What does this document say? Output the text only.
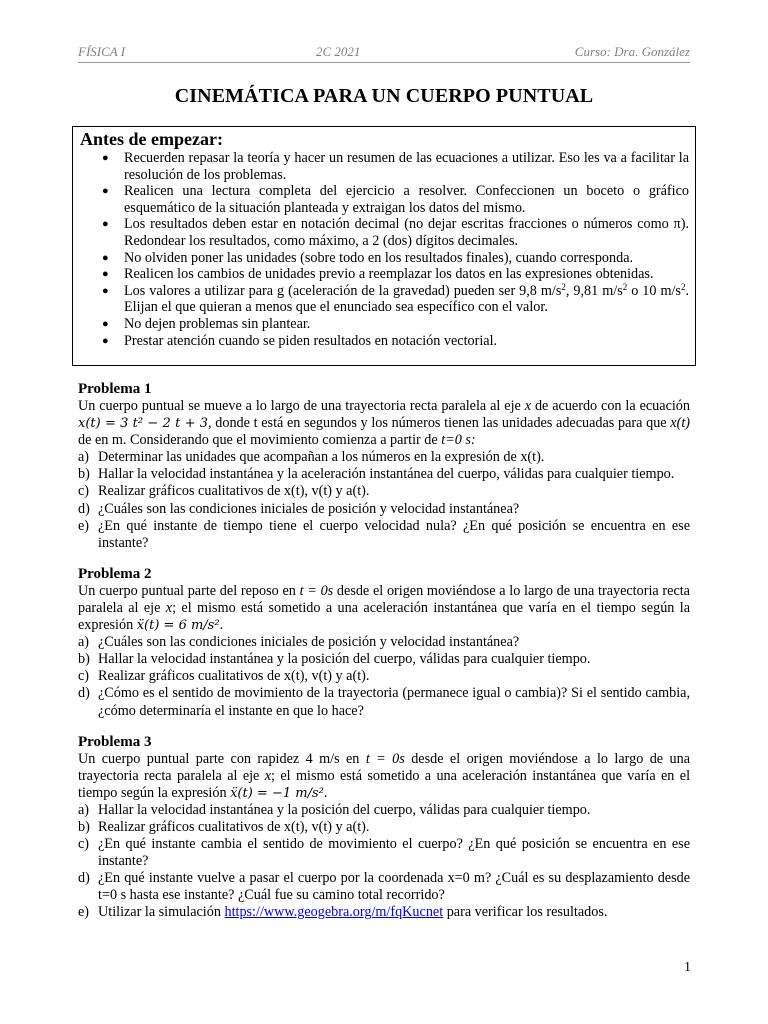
FÍSICA I	2C 2021	Curso: Dra. González
CINEMÁTICA PARA UN CUERPO PUNTUAL
Antes de empezar:
● Recuerden repasar la teoría y hacer un resumen de las ecuaciones a utilizar. Eso les va a facilitar la resolución de los problemas.
● Realicen una lectura completa del ejercicio a resolver. Confeccionen un boceto o gráfico esquemático de la situación planteada y extraigan los datos del mismo.
● Los resultados deben estar en notación decimal (no dejar escritas fracciones o números como π). Redondear los resultados, como máximo, a 2 (dos) dígitos decimales.
● No olviden poner las unidades (sobre todo en los resultados finales), cuando corresponda.
● Realicen los cambios de unidades previo a reemplazar los datos en las expresiones obtenidas.
● Los valores a utilizar para g (aceleración de la gravedad) pueden ser 9,8 $m/s^2$, 9,81 $m/s^2$ o 10 $m/s^2$. Elijan el que quieran a menos que el enunciado sea específico con el valor.
● No dejen problemas sin plantear.
● Prestar atención cuando se piden resultados en notación vectorial.
Problema 1

Un cuerpo puntual se mueve a lo largo de una trayectoria recta paralela al eje x de acuerdo con la ecuación x(t) = 3 t² − 2 t + 3, donde t está en segundos y los números tienen las unidades adecuadas para que x(t) de en m. Considerando que el movimiento comienza a partir de t=0 s:

a) Determinar las unidades que acompañan a los números en la expresión de x(t).
b) Hallar la velocidad instantánea y la aceleración instantánea del cuerpo, válidas para cualquier tiempo.
c) Realizar gráficos cualitativos de x(t), v(t) y a(t).
d) ¿Cuáles son las condiciones iniciales de posición y velocidad instantánea?
e) ¿En qué instante de tiempo tiene el cuerpo velocidad nula? ¿En qué posición se encuentra en ese instante?
Problema 2

Un cuerpo puntual parte del reposo en t = 0s desde el origen moviéndose a lo largo de una trayectoria recta paralela al eje x; el mismo está sometido a una aceleración instantánea que varía en el tiempo según la expresión ẍ(t) = 6 m/s².

a) ¿Cuáles son las condiciones iniciales de posición y velocidad instantánea?
b) Hallar la velocidad instantánea y la posición del cuerpo, válidas para cualquier tiempo.
c) Realizar gráficos cualitativos de x(t), v(t) y a(t).
d) ¿Cómo es el sentido de movimiento de la trayectoria (permanece igual o cambia)? Si el sentido cambia, ¿cómo determinaría el instante en que lo hace?
Problema 3

Un cuerpo puntual parte con rapidez 4 m/s en t = 0s desde el origen moviéndose a lo largo de una trayectoria recta paralela al eje x; el mismo está sometido a una aceleración instantánea que varía en el tiempo según la expresión ẍ(t) = −1 m/s².

a) Hallar la velocidad instantánea y la posición del cuerpo, válidas para cualquier tiempo.
b) Realizar gráficos cualitativos de x(t), v(t) y a(t).
c) ¿En qué instante cambia el sentido de movimiento el cuerpo? ¿En qué posición se encuentra en ese instante?
d) ¿En qué instante vuelve a pasar el cuerpo por la coordenada x=0 m? ¿Cuál es su desplazamiento desde t=0 s hasta ese instante? ¿Cuál fue su camino total recorrido?
e) Utilizar la simulación https://www.geogebra.org/m/fqKucnet para verificar los resultados.
1
